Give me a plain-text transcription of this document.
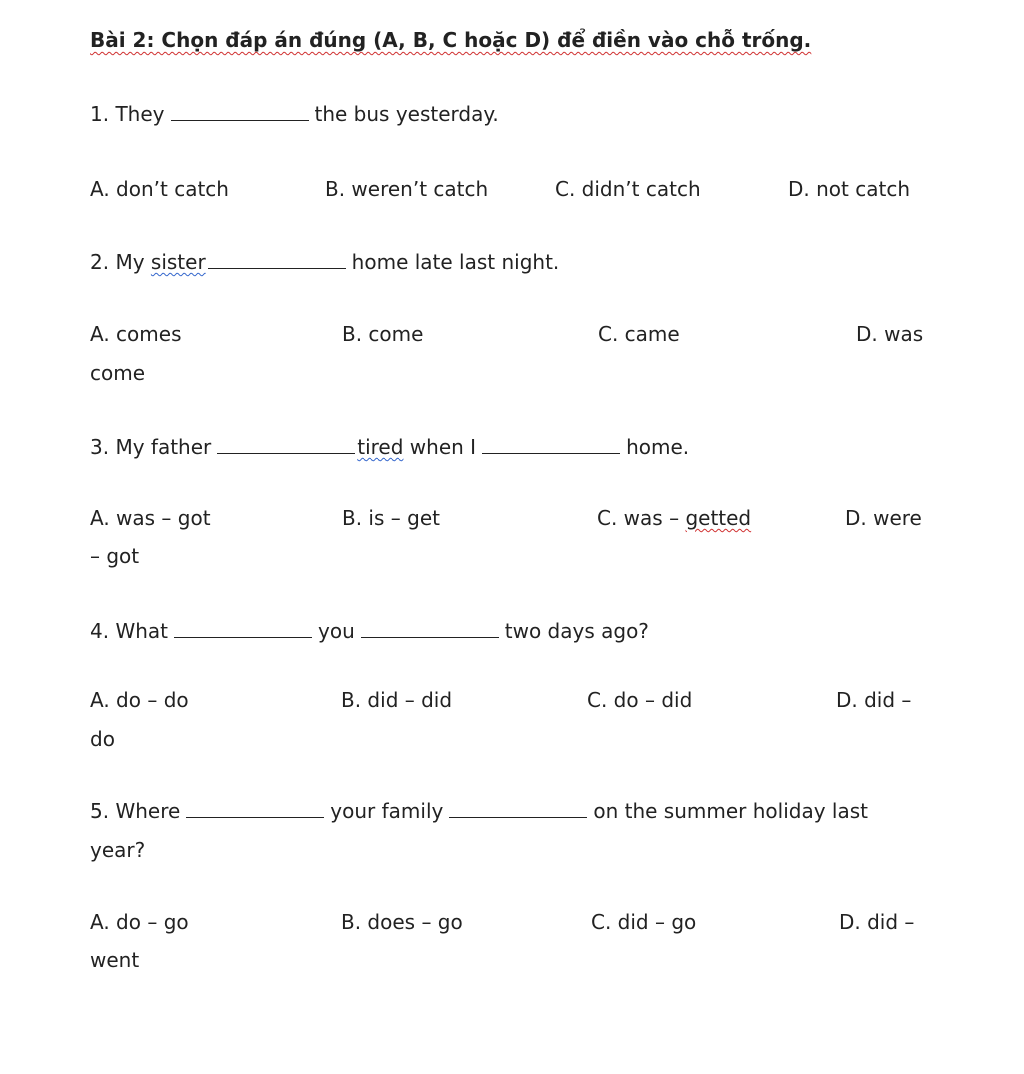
Bài 2: Chọn đáp án đúng (A, B, C hoặc D) để điền vào chỗ trống.
1. They	the bus yesterday.
A. don’t catch	B. weren’t catch	C. didn’t catch	D. not catch
2. My sister	home late last night.
A. comes	B. come	C. came	D. was
come
3. My father	tired when I	home.
A. was – got	B. is – get	C. was – getted	D. were
– got
4. What	you	two days ago?
A. do – do	B. did – did	C. do – did	D. did –
do
5. Where	your family	on the summer holiday last
year?
A. do – go	B. does – go	C. did – go	D. did –
went
